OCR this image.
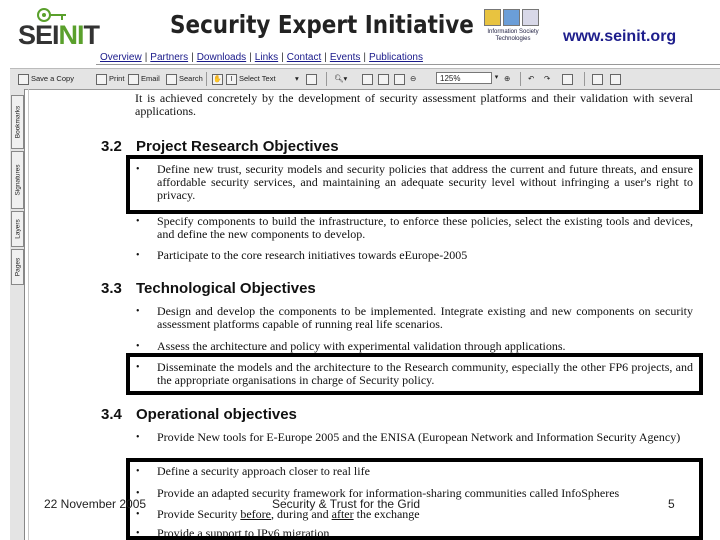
SEINIT	Security Expert Initiative	Information Society Technologies	www.seinit.org
Overview | Partners | Downloads | Links | Contact | Events | Publications
Save a Copy	Print	Email	Search ✋	I Select Text	▾	🔍︎▾	⊖	125%	▾ ⊕ ↶ ↷
Bookmarks
Signatures
Layers
Pages
It is achieved concretely by the development of security assessment platforms and their validation with several applications.
3.2 Project Research Objectives
• Define new trust, security models and security policies that address the current and future threats, and ensure affordable security services, and maintaining an adequate security level without infringing a user's right to privacy.
• Specify components to build the infrastructure, to enforce these policies, select the existing tools and devices, and define the new components to develop.
• Participate to the core research initiatives towards eEurope-2005
3.3 Technological Objectives
• Design and develop the components to be implemented. Integrate existing and new components on security assessment platforms capable of running real life scenarios.
• Assess the architecture and policy with experimental validation through applications.
• Disseminate the models and the architecture to the Research community, especially the other FP6 projects, and the appropriate organisations in charge of Security policy.
3.4 Operational objectives
• Provide New tools for E-Europe 2005 and the ENISA (European Network and Information Security Agency)
• Define a security approach closer to real life
• Provide an adapted security framework for information-sharing communities called InfoSpheres
• Provide Security before, during and after the exchange
• Provide a support to IPv6 migration
22 November 2005	Security & Trust for the Grid	5
